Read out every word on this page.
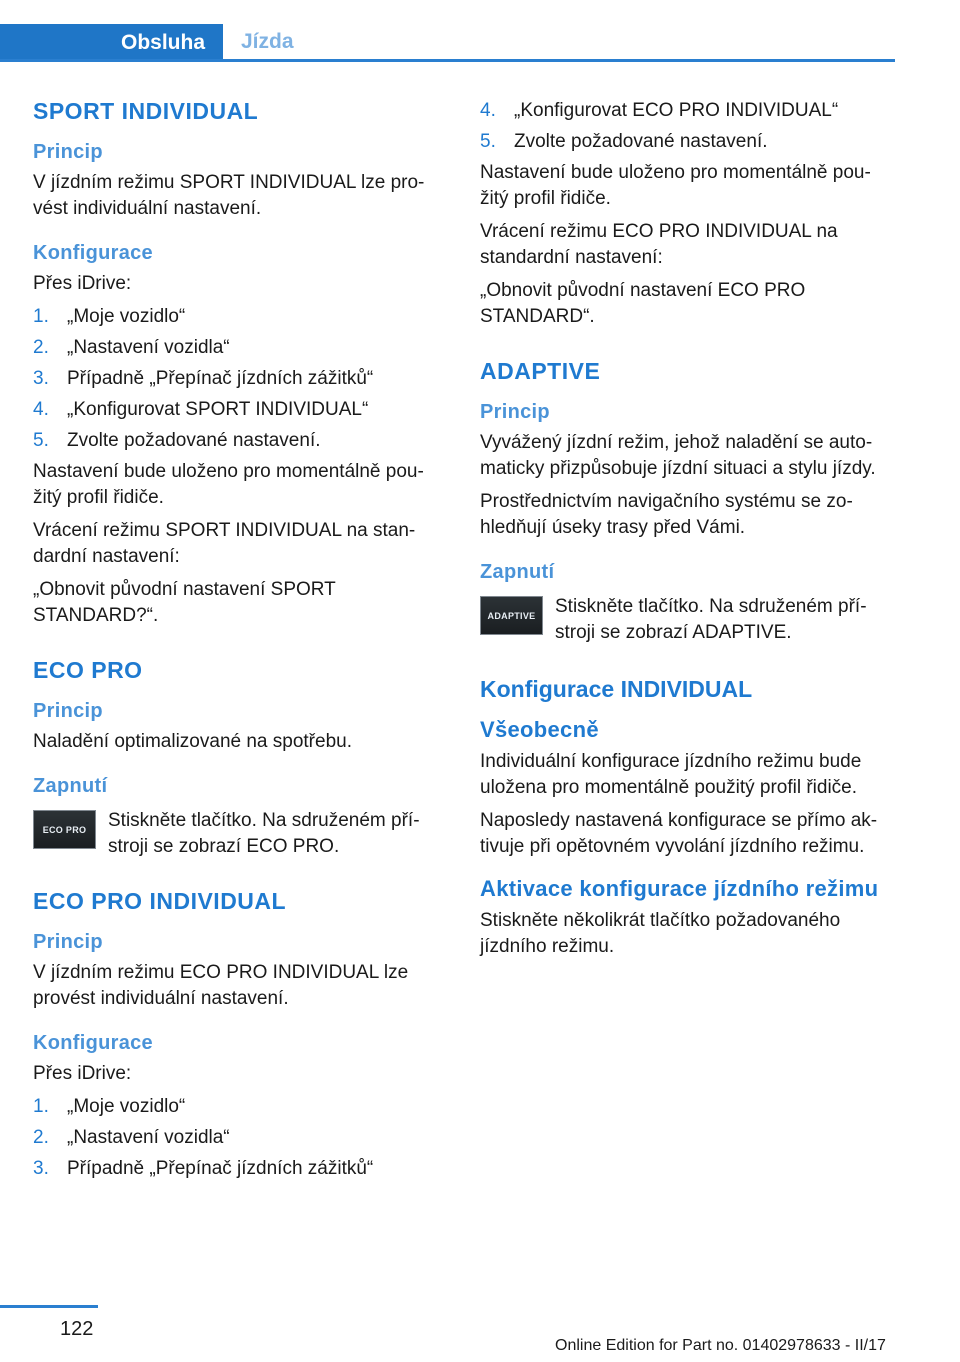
Obsluha	Jízda
SPORT INDIVIDUAL
Princip

V jízdním režimu SPORT INDIVIDUAL lze provést individuální nastavení.

Konfigurace

Přes iDrive:

1. „Moje vozidlo“
2. „Nastavení vozidla“
3. Případně „Přepínač jízdních zážitků“
4. „Konfigurovat SPORT INDIVIDUAL“
5. Zvolte požadované nastavení.

Nastavení bude uloženo pro momentálně použitý profil řidiče.

Vrácení režimu SPORT INDIVIDUAL na standardní nastavení:

„Obnovit původní nastavení SPORT STANDARD?“.

ECO PRO
Princip

Naladění optimalizované na spotřebu.

Zapnutí
ECO PRO	Stiskněte tlačítko. Na sdruženém přístroji se zobrazí ECO PRO.

ECO PRO INDIVIDUAL
Princip

V jízdním režimu ECO PRO INDIVIDUAL lze provést individuální nastavení.

Konfigurace

Přes iDrive:

1. „Moje vozidlo“
2. „Nastavení vozidla“
3. Případně „Přepínač jízdních zážitků“
4. „Konfigurovat ECO PRO INDIVIDUAL“
5. Zvolte požadované nastavení.

Nastavení bude uloženo pro momentálně použitý profil řidiče.

Vrácení režimu ECO PRO INDIVIDUAL na standardní nastavení:

„Obnovit původní nastavení ECO PRO STANDARD“.

ADAPTIVE
Princip

Vyvážený jízdní režim, jehož naladění se automaticky přizpůsobuje jízdní situaci a stylu jízdy.

Prostřednictvím navigačního systému se zohledňují úseky trasy před Vámi.

Zapnutí
ADAPTIVE	Stiskněte tlačítko. Na sdruženém přístroji se zobrazí ADAPTIVE.

Konfigurace INDIVIDUAL
Všeobecně

Individuální konfigurace jízdního režimu bude uložena pro momentálně použitý profil řidiče.

Naposledy nastavená konfigurace se přímo aktivuje při opětovném vyvolání jízdního režimu.

Aktivace konfigurace jízdního režimu

Stiskněte několikrát tlačítko požadovaného jízdního režimu.

122
Online Edition for Part no. 01402978633 - II/17
